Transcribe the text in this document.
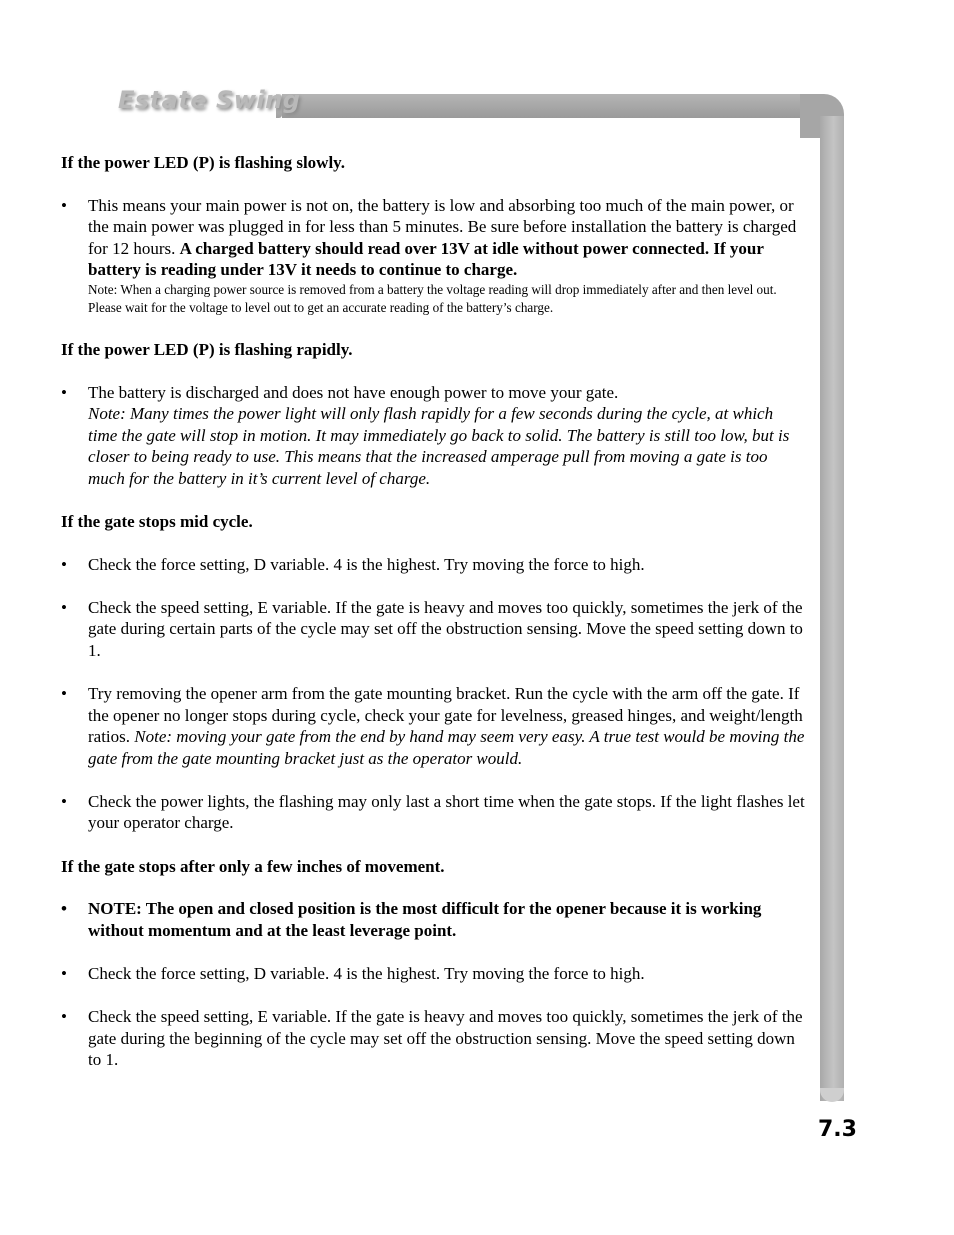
Estate Swing

If the power LED (P) is flashing slowly.

• This means your main power is not on, the battery is low and absorbing too much of the main power, or the main power was plugged in for less than 5 minutes. Be sure before installation the battery is charged for 12 hours. A charged battery should read over 13V at idle without power connected. If your battery is reading under 13V it needs to continue to charge.
Note: When a charging power source is removed from a battery the voltage reading will drop immediately after and then level out. Please wait for the voltage to level out to get an accurate reading of the battery’s charge.

If the power LED (P) is flashing rapidly.

• The battery is discharged and does not have enough power to move your gate.
Note: Many times the power light will only flash rapidly for a few seconds during the cycle, at which time the gate will stop in motion. It may immediately go back to solid. The battery is still too low, but is closer to being ready to use. This means that the increased amperage pull from moving a gate is too much for the battery in it’s current level of charge.

If the gate stops mid cycle.

• Check the force setting, D variable. 4 is the highest. Try moving the force to high.
• Check the speed setting, E variable. If the gate is heavy and moves too quickly, sometimes the jerk of the gate during certain parts of the cycle may set off the obstruction sensing. Move the speed setting down to 1.
• Try removing the opener arm from the gate mounting bracket. Run the cycle with the arm off the gate. If the opener no longer stops during cycle, check your gate for levelness, greased hinges, and weight/length ratios. Note: moving your gate from the end by hand may seem very easy. A true test would be moving the gate from the gate mounting bracket just as the operator would.
• Check the power lights, the flashing may only last a short time when the gate stops. If the light flashes let your operator charge.

If the gate stops after only a few inches of movement.

• NOTE: The open and closed position is the most difficult for the opener because it is working without momentum and at the least leverage point.
• Check the force setting, D variable. 4 is the highest. Try moving the force to high.
• Check the speed setting, E variable. If the gate is heavy and moves too quickly, sometimes the jerk of the gate during the beginning of the cycle may set off the obstruction sensing. Move the speed setting down to 1.
7.3
